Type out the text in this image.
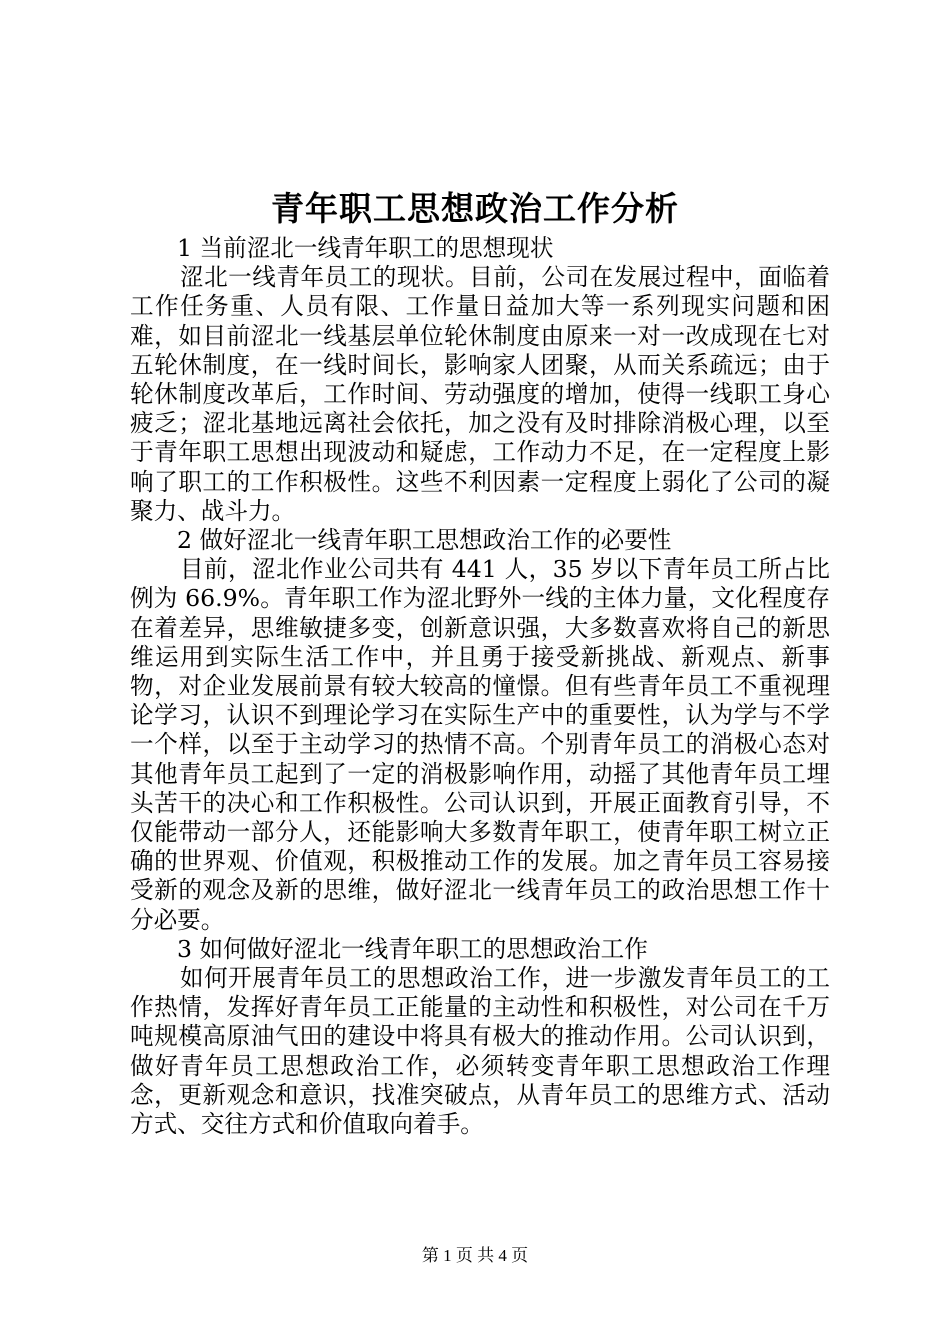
青年职工思想政治工作分析

1 当前涩北一线青年职工的思想现状

涩北一线青年员工的现状。目前，公司在发展过程中，面临着工作任务重、人员有限、工作量日益加大等一系列现实问题和困难，如目前涩北一线基层单位轮休制度由原来一对一改成现在七对五轮休制度，在一线时间长，影响家人团聚，从而关系疏远；由于轮休制度改革后，工作时间、劳动强度的增加，使得一线职工身心疲乏；涩北基地远离社会依托，加之没有及时排除消极心理，以至于青年职工思想出现波动和疑虑，工作动力不足，在一定程度上影响了职工的工作积极性。这些不利因素一定程度上弱化了公司的凝聚力、战斗力。

2 做好涩北一线青年职工思想政治工作的必要性

目前，涩北作业公司共有 441 人，35 岁以下青年员工所占比例为 66.9%。青年职工作为涩北野外一线的主体力量，文化程度存在着差异，思维敏捷多变，创新意识强，大多数喜欢将自己的新思维运用到实际生活工作中，并且勇于接受新挑战、新观点、新事物，对企业发展前景有较大较高的憧憬。但有些青年员工不重视理论学习，认识不到理论学习在实际生产中的重要性，认为学与不学一个样，以至于主动学习的热情不高。个别青年员工的消极心态对其他青年员工起到了一定的消极影响作用，动摇了其他青年员工埋头苦干的决心和工作积极性。公司认识到，开展正面教育引导，不仅能带动一部分人，还能影响大多数青年职工，使青年职工树立正确的世界观、价值观，积极推动工作的发展。加之青年员工容易接受新的观念及新的思维，做好涩北一线青年员工的政治思想工作十分必要。

3 如何做好涩北一线青年职工的思想政治工作

如何开展青年员工的思想政治工作，进一步激发青年员工的工作热情，发挥好青年员工正能量的主动性和积极性，对公司在千万吨规模高原油气田的建设中将具有极大的推动作用。公司认识到，做好青年员工思想政治工作，必须转变青年职工思想政治工作理念，更新观念和意识，找准突破点，从青年员工的思维方式、活动方式、交往方式和价值取向着手。

第 1 页 共 4 页
